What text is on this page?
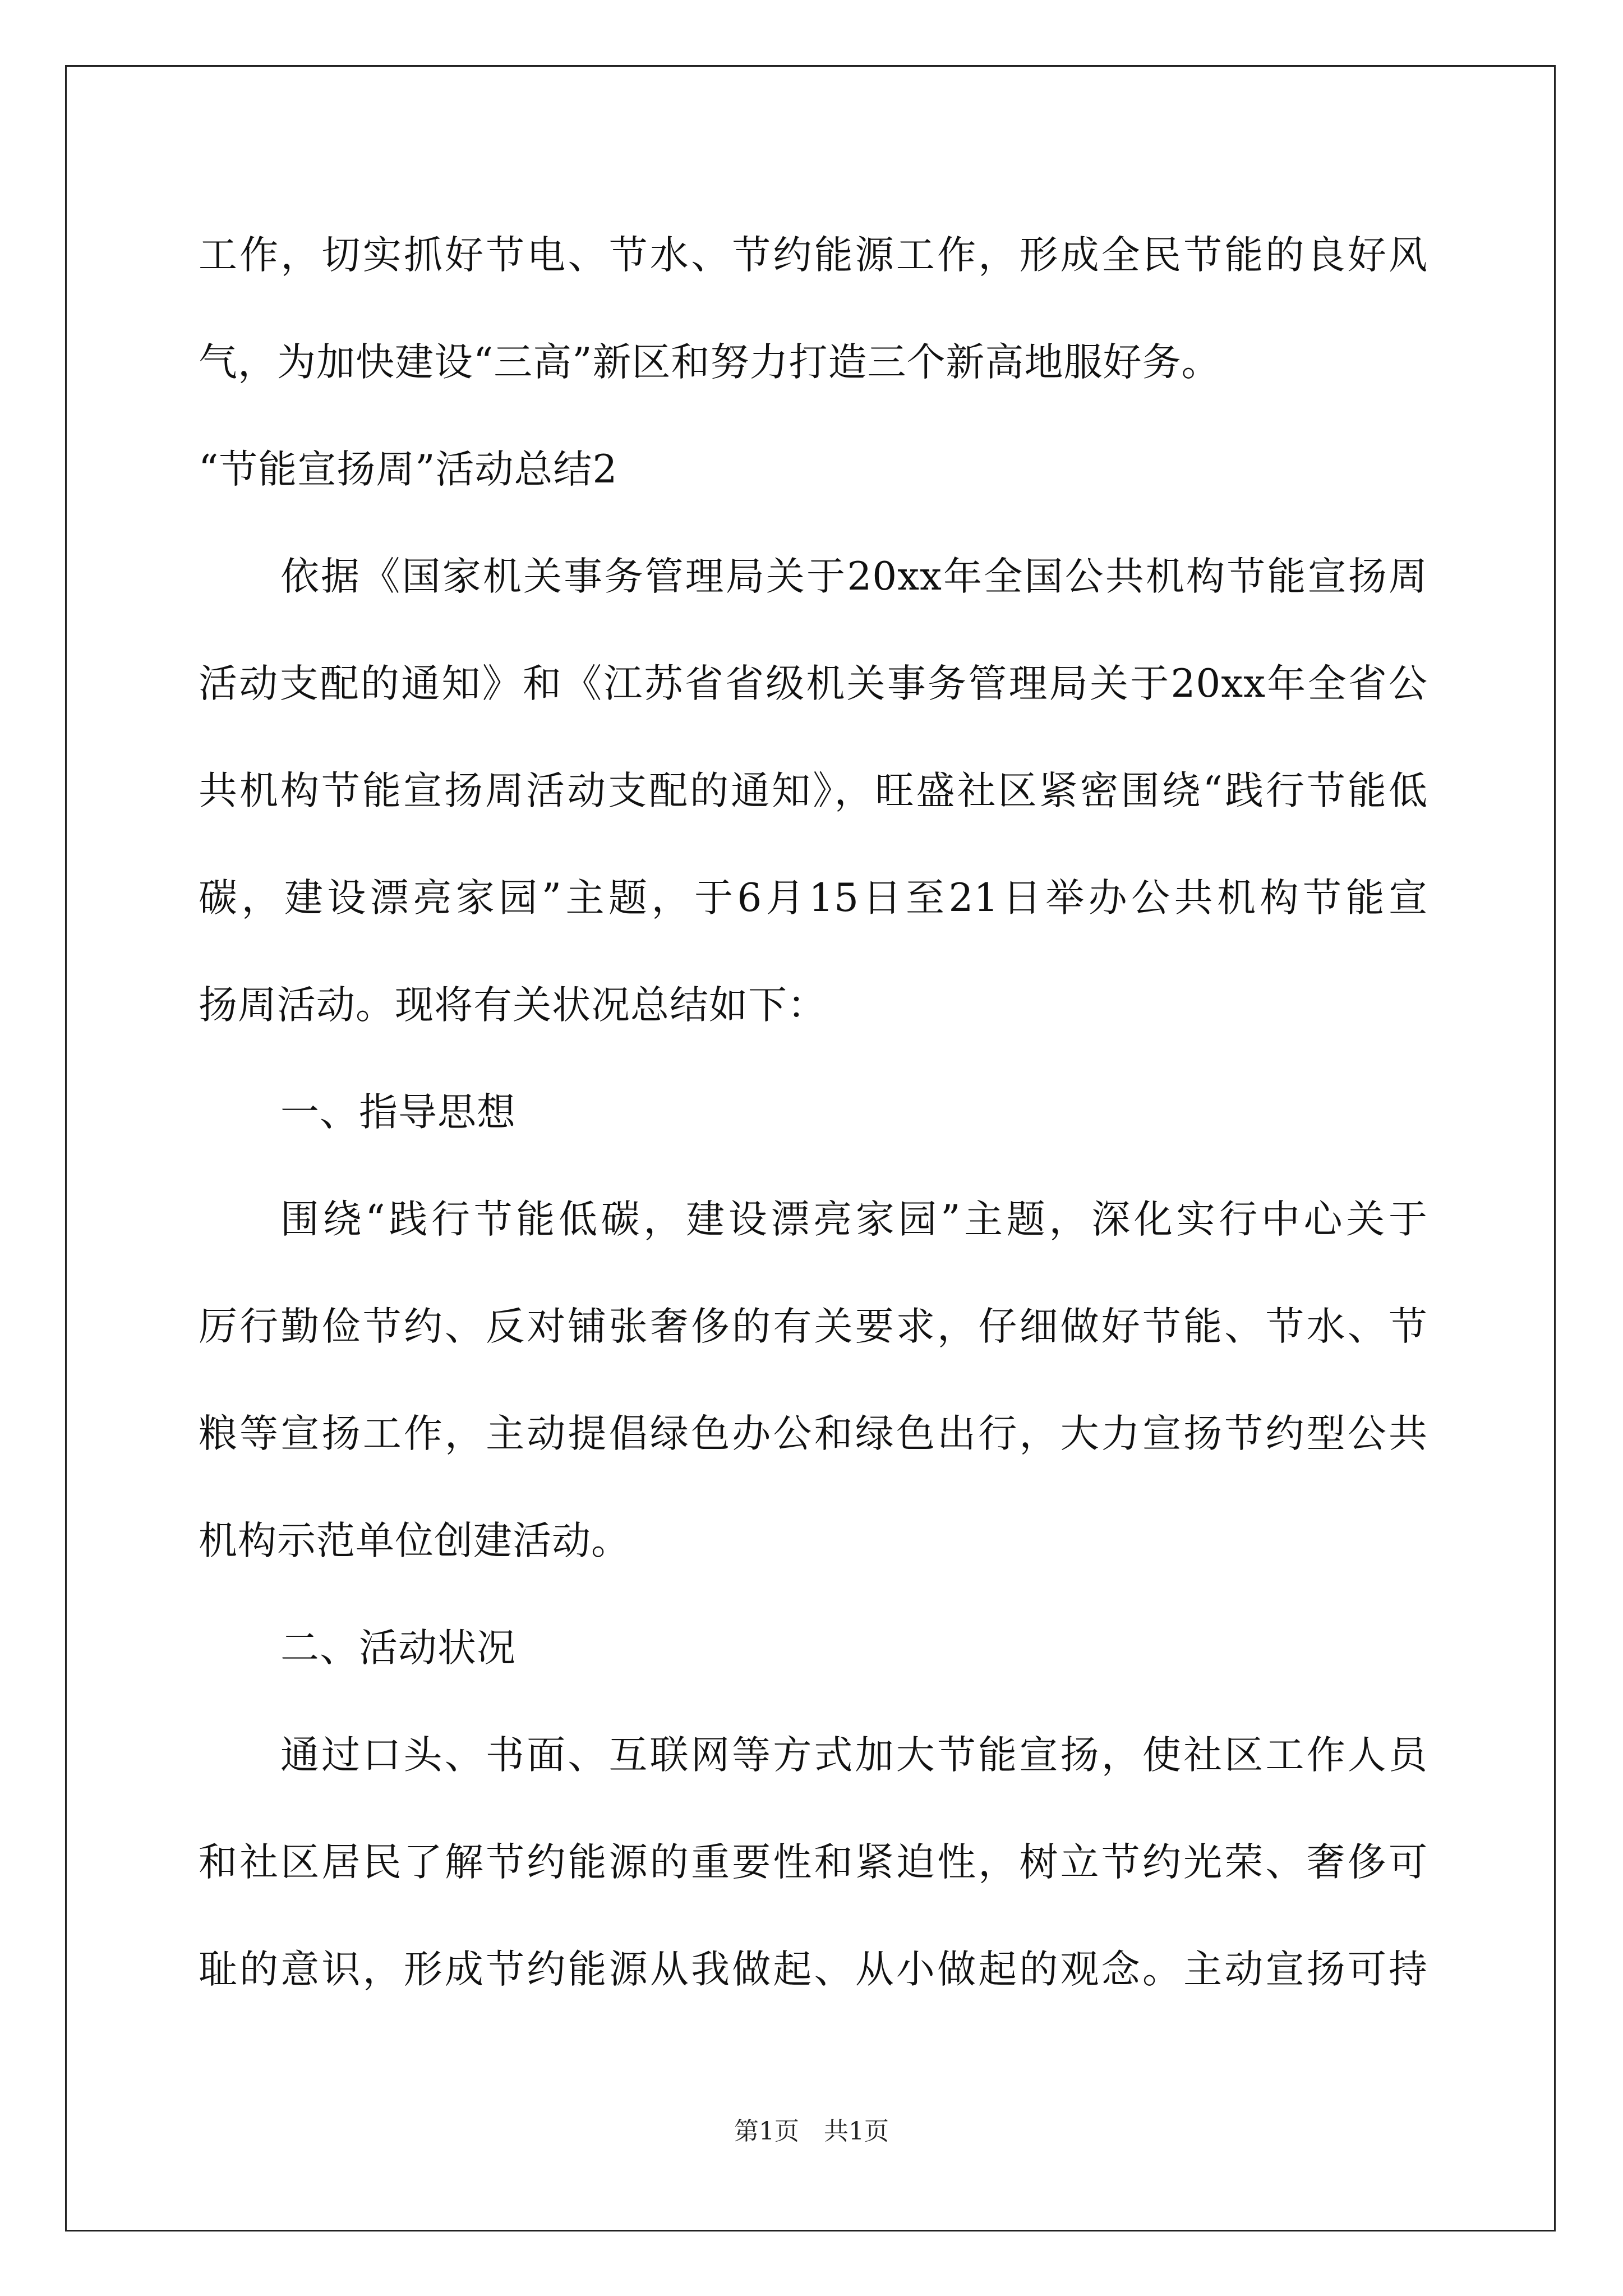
工作，切实抓好节电、节水、节约能源工作，形成全民节能的良好风
气，为加快建设“三高”新区和努力打造三个新高地服好务。
“节能宣扬周”活动总结2
依据《国家机关事务管理局关于20xx年全国公共机构节能宣扬周
活动支配的通知》和《江苏省省级机关事务管理局关于20xx年全省公
共机构节能宣扬周活动支配的通知》，旺盛社区紧密围绕“践行节能低
碳，建设漂亮家园”主题，于6月15日至21日举办公共机构节能宣
扬周活动。现将有关状况总结如下：
一、指导思想
围绕“践行节能低碳，建设漂亮家园”主题，深化实行中心关于
厉行勤俭节约、反对铺张奢侈的有关要求，仔细做好节能、节水、节
粮等宣扬工作，主动提倡绿色办公和绿色出行，大力宣扬节约型公共
机构示范单位创建活动。
二、活动状况
通过口头、书面、互联网等方式加大节能宣扬，使社区工作人员
和社区居民了解节约能源的重要性和紧迫性，树立节约光荣、奢侈可
耻的意识，形成节约能源从我做起、从小做起的观念。主动宣扬可持
第1页　共1页
